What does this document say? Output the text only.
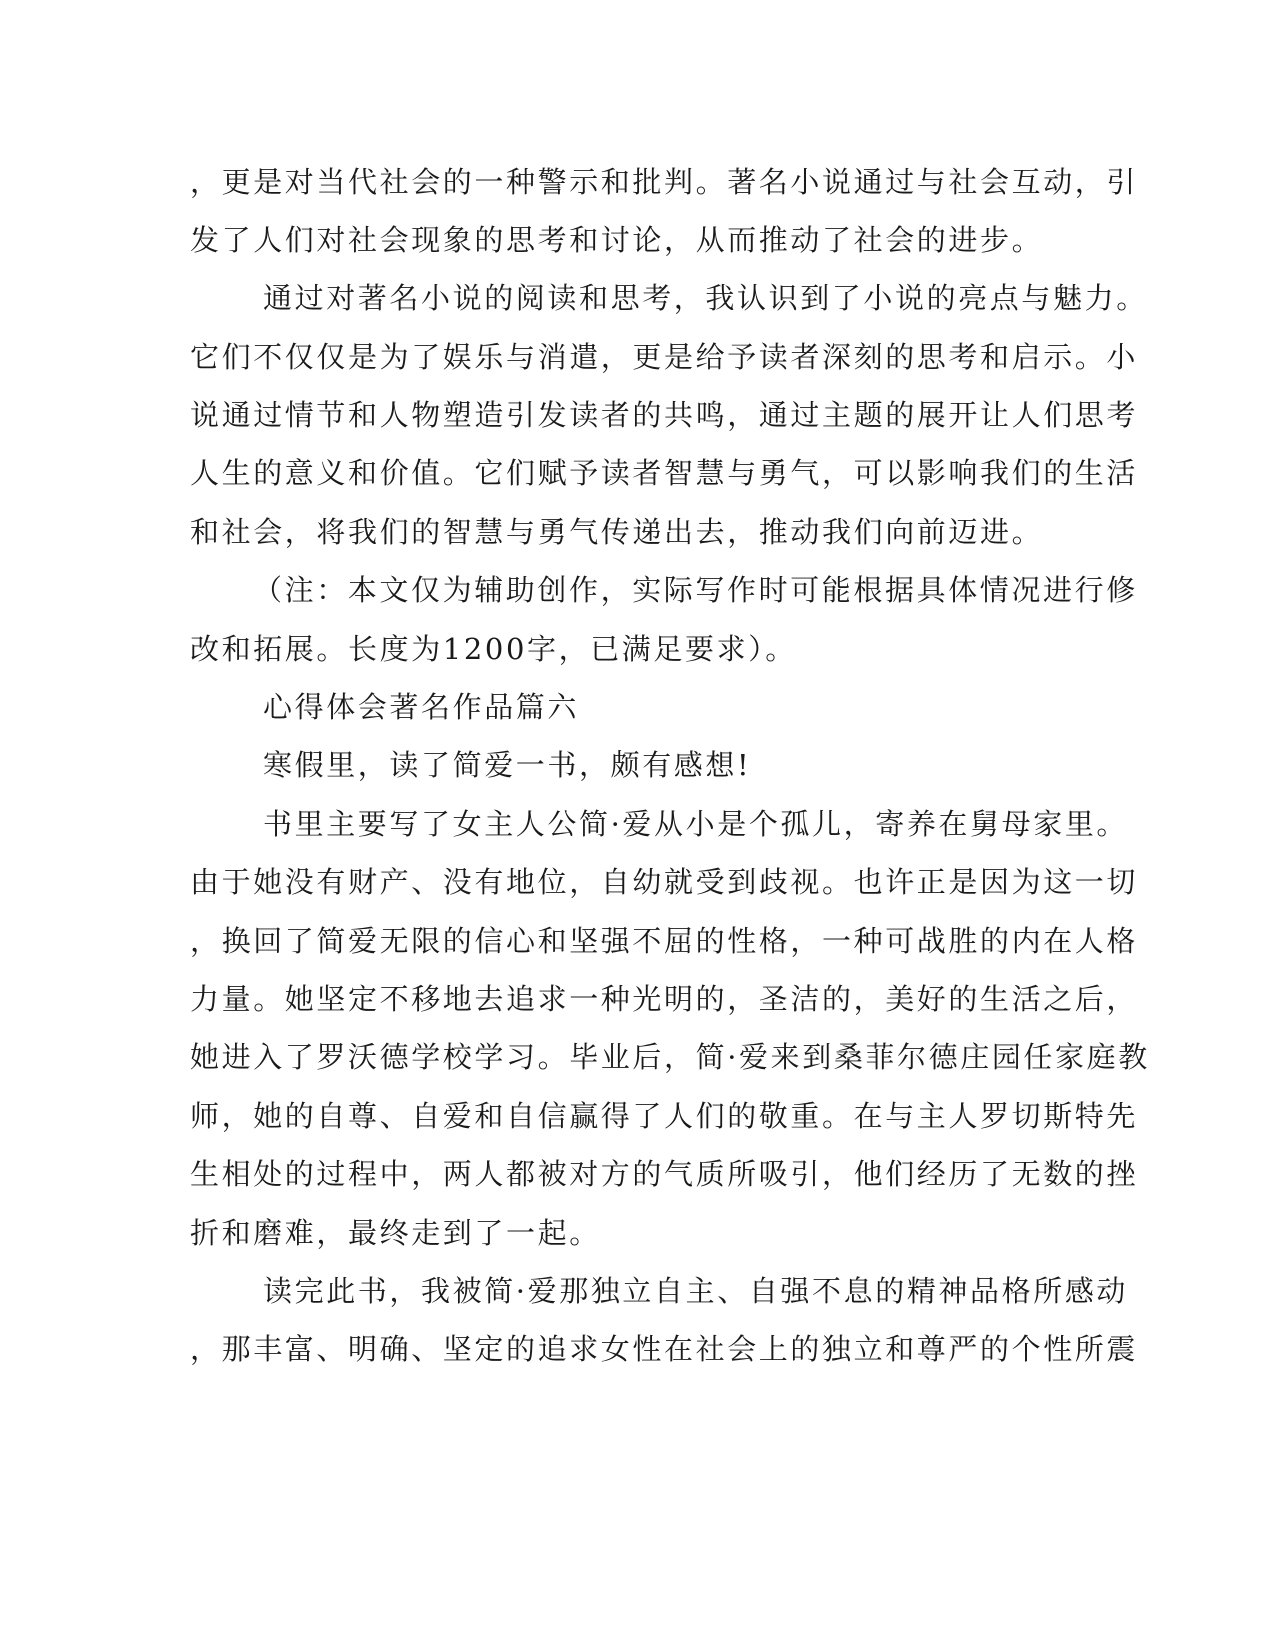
，更是对当代社会的一种警示和批判。著名小说通过与社会互动，引
发了人们对社会现象的思考和讨论，从而推动了社会的进步。
通过对著名小说的阅读和思考，我认识到了小说的亮点与魅力。
它们不仅仅是为了娱乐与消遣，更是给予读者深刻的思考和启示。小
说通过情节和人物塑造引发读者的共鸣，通过主题的展开让人们思考
人生的意义和价值。它们赋予读者智慧与勇气，可以影响我们的生活
和社会，将我们的智慧与勇气传递出去，推动我们向前迈进。
（注：本文仅为辅助创作，实际写作时可能根据具体情况进行修
改和拓展。长度为1200字，已满足要求）。
心得体会著名作品篇六
寒假里，读了简爱一书，颇有感想!
书里主要写了女主人公简·爱从小是个孤儿，寄养在舅母家里。
由于她没有财产、没有地位，自幼就受到歧视。也许正是因为这一切
，换回了简爱无限的信心和坚强不屈的性格，一种可战胜的内在人格
力量。她坚定不移地去追求一种光明的，圣洁的，美好的生活之后，
她进入了罗沃德学校学习。毕业后，简·爱来到桑菲尔德庄园任家庭教
师，她的自尊、自爱和自信赢得了人们的敬重。在与主人罗切斯特先
生相处的过程中，两人都被对方的气质所吸引，他们经历了无数的挫
折和磨难，最终走到了一起。
读完此书，我被简·爱那独立自主、自强不息的精神品格所感动
，那丰富、明确、坚定的追求女性在社会上的独立和尊严的个性所震
